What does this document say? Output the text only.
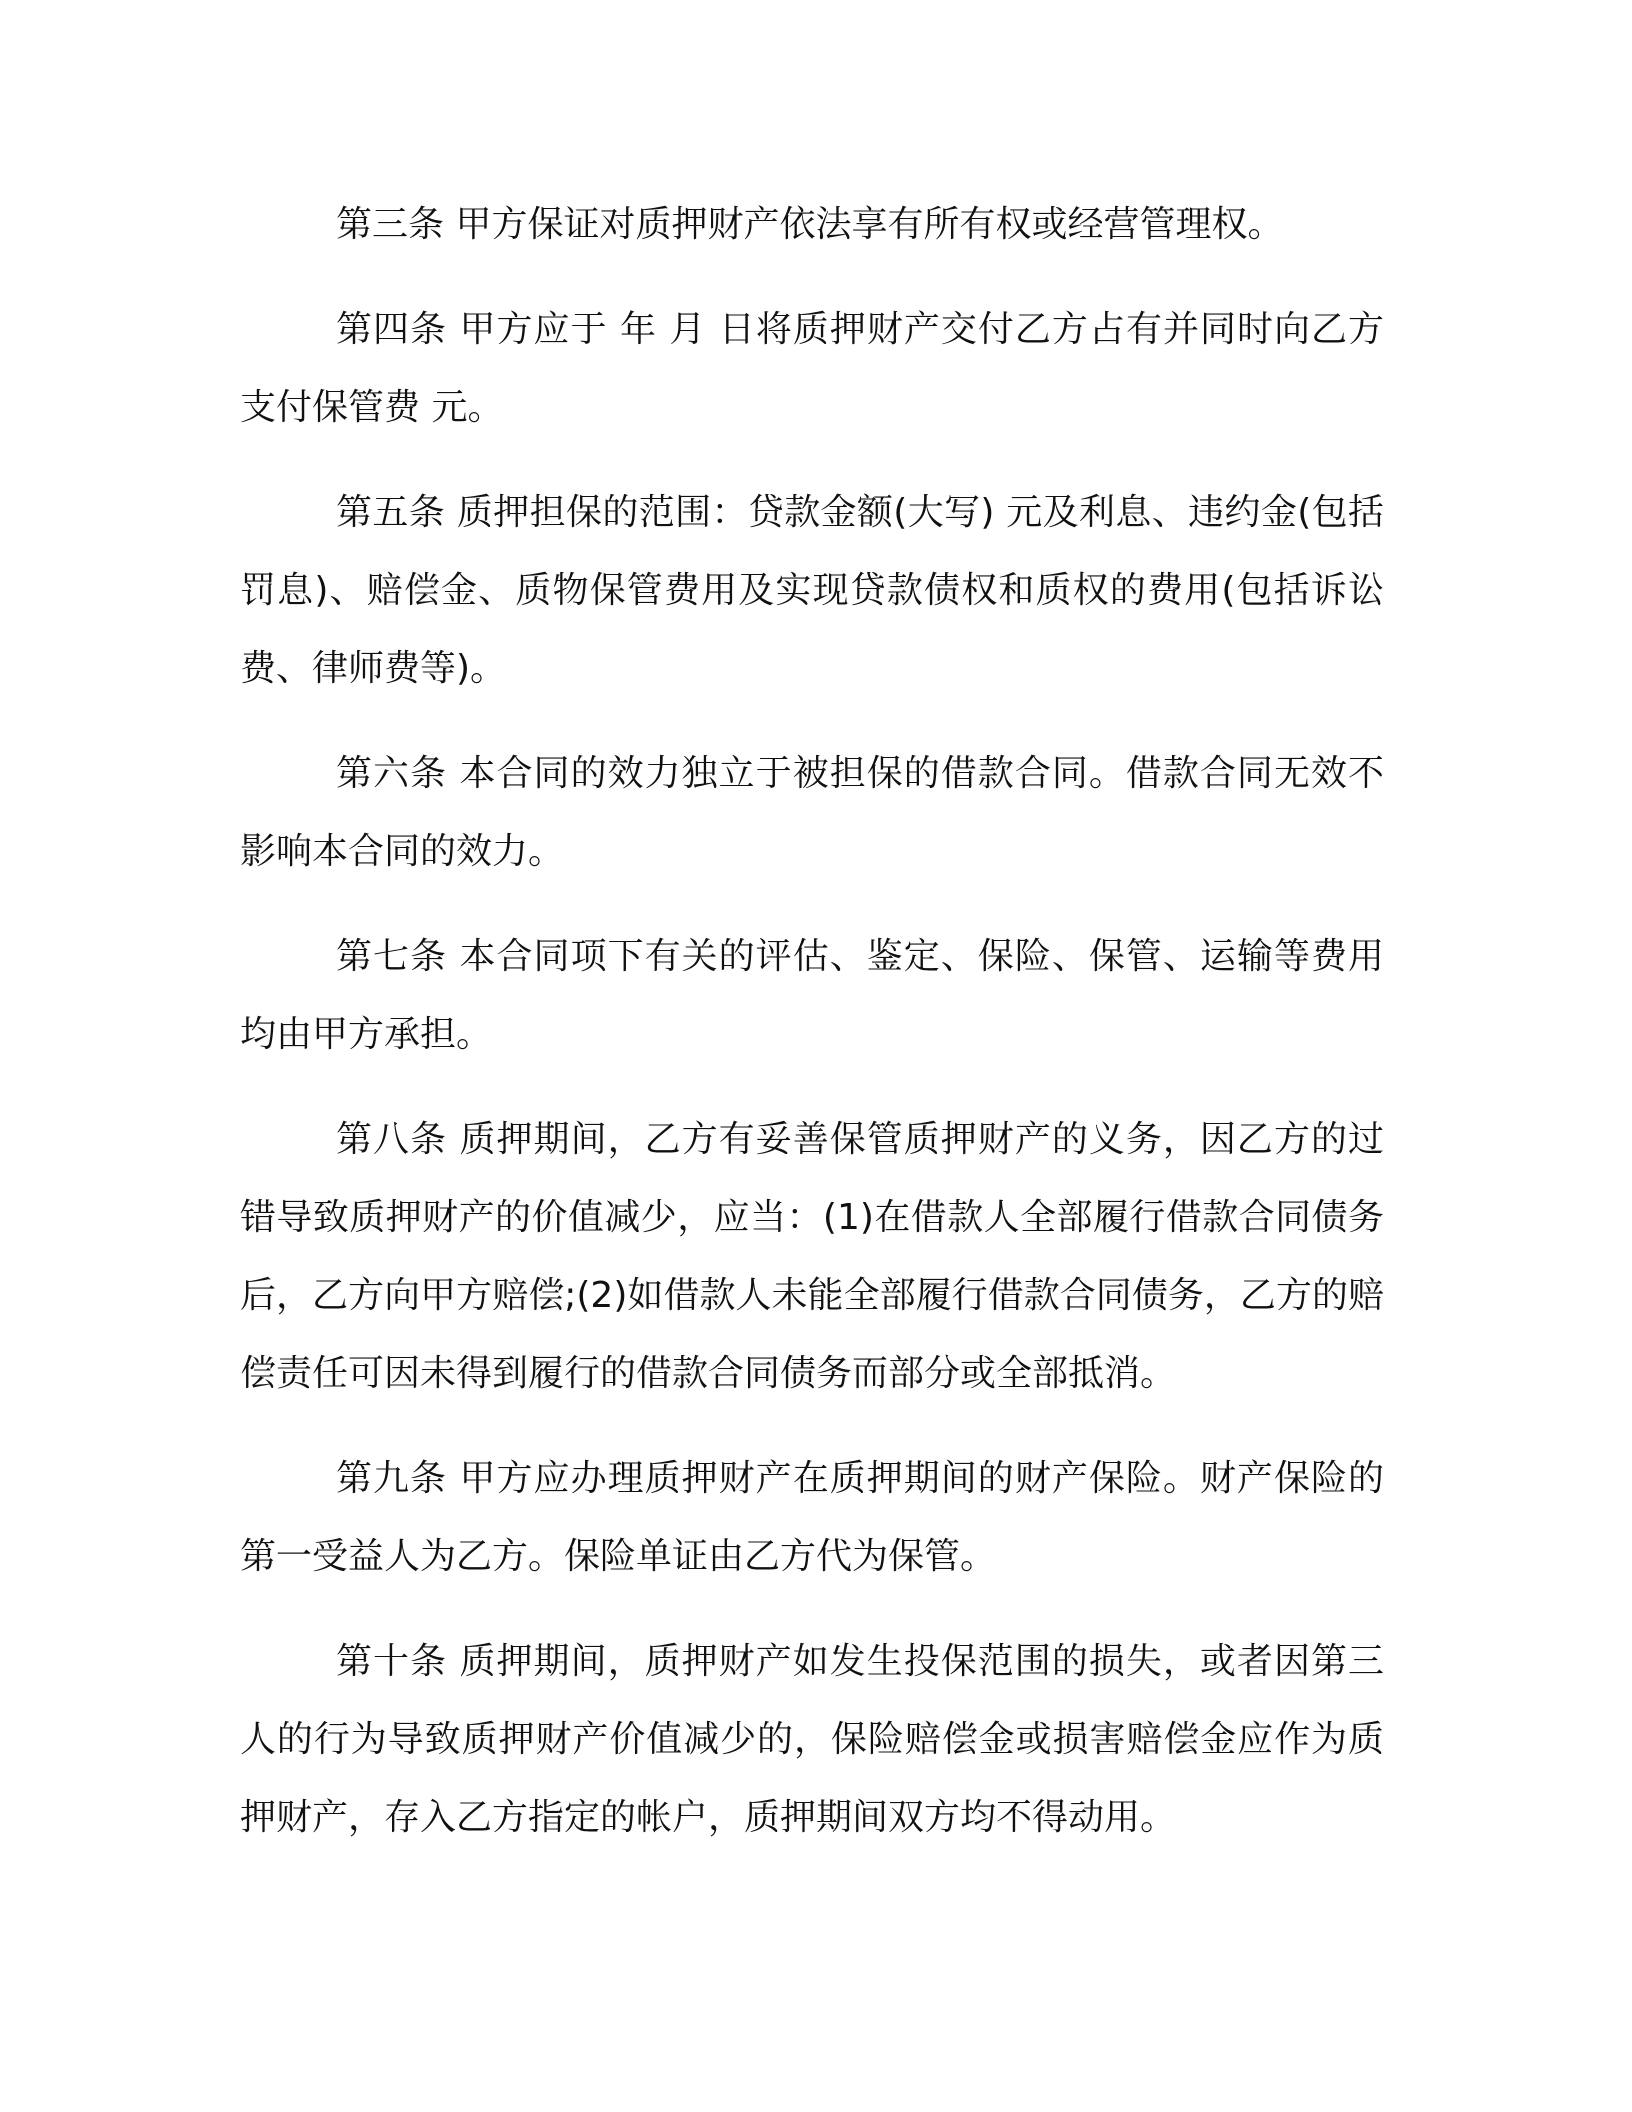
第三条 甲方保证对质押财产依法享有所有权或经营管理权。

第四条 甲方应于 年 月 日将质押财产交付乙方占有并同时向乙方支付保管费 元。

第五条 质押担保的范围：贷款金额(大写) 元及利息、违约金(包括罚息)、赔偿金、质物保管费用及实现贷款债权和质权的费用(包括诉讼费、律师费等)。

第六条 本合同的效力独立于被担保的借款合同。借款合同无效不影响本合同的效力。

第七条 本合同项下有关的评估、鉴定、保险、保管、运输等费用均由甲方承担。

第八条 质押期间，乙方有妥善保管质押财产的义务，因乙方的过错导致质押财产的价值减少，应当：(1)在借款人全部履行借款合同债务后，乙方向甲方赔偿;(2)如借款人未能全部履行借款合同债务，乙方的赔偿责任可因未得到履行的借款合同债务而部分或全部抵消。

第九条 甲方应办理质押财产在质押期间的财产保险。财产保险的第一受益人为乙方。保险单证由乙方代为保管。

第十条 质押期间，质押财产如发生投保范围的损失，或者因第三人的行为导致质押财产价值减少的，保险赔偿金或损害赔偿金应作为质押财产，存入乙方指定的帐户，质押期间双方均不得动用。
